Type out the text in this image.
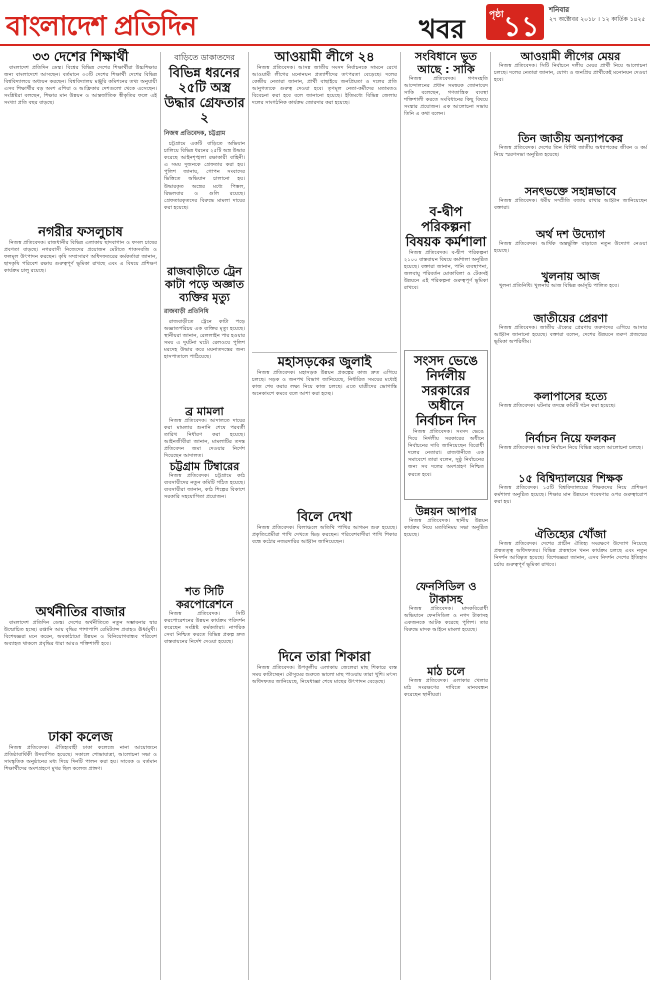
বাংলাদেশ প্রতিদিন	খবর	পৃষ্ঠা ১১ শনিবার
২৭ অক্টোবর ২০১৮ । ১২ কার্তিক ১৪২৫
৩৩ দেশের শিক্ষার্থী

বাংলাদেশ প্রতিদিন ডেস্ক। বিশ্বের বিভিন্ন দেশের শিক্ষার্থীরা উচ্চশিক্ষার জন্য বাংলাদেশে আসছেন। বর্তমানে ৩৩টি দেশের শিক্ষার্থী দেশের বিভিন্ন বিশ্ববিদ্যালয়ে অধ্যয়ন করছেন। বিশ্ববিদ্যালয় মঞ্জুরি কমিশনের তথ্য অনুযায়ী এসব শিক্ষার্থীর বড় অংশ এশিয়া ও আফ্রিকার দেশগুলো থেকে এসেছেন। সংশ্লিষ্টরা বলছেন, শিক্ষার মান উন্নয়ন ও আন্তর্জাতিক স্বীকৃতির ফলে এই সংখ্যা প্রতি বছর বাড়ছে।

নগরীর ফসলুচাষ

নিজস্ব প্রতিবেদক। রাজধানীর বিভিন্ন এলাকায় ছাদবাগান ও ফসল চাষের প্রবণতা বাড়ছে। নগরবাসী নিজেদের প্রয়োজন মেটাতে শাকসবজি ও ফলমূল উৎপাদন করছেন। কৃষি সম্প্রসারণ অধিদফতরের কর্মকর্তারা জানান, ছাদকৃষি পরিবেশ রক্ষায় গুরুত্বপূর্ণ ভূমিকা রাখছে এবং এ বিষয়ে প্রশিক্ষণ কার্যক্রম চালু রয়েছে।

অর্থনীতির বাজার

বাংলাদেশ প্রতিদিন ডেস্ক। দেশের অর্থনীতিতে নতুন সম্ভাবনার দ্বার উন্মোচিত হচ্ছে। রপ্তানি আয় বৃদ্ধির পাশাপাশি রেমিট্যান্স প্রবাহও ঊর্ধ্বমুখী। বিশেষজ্ঞরা মনে করেন, অবকাঠামো উন্নয়ন ও বিনিয়োগবান্ধব পরিবেশ অব্যাহত থাকলে প্রবৃদ্ধির ধারা আরও শক্তিশালী হবে।

ঢাকা কলেজ

নিজস্ব প্রতিবেদক। ঐতিহ্যবাহী ঢাকা কলেজে নানা আয়োজনে প্রতিষ্ঠাবার্ষিকী উদযাপিত হয়েছে। সকালে শোভাযাত্রা, আলোচনা সভা ও সাংস্কৃতিক অনুষ্ঠানের মধ্য দিয়ে দিনটি পালন করা হয়। সাবেক ও বর্তমান শিক্ষার্থীদের অংশগ্রহণে মুখর ছিল কলেজ প্রাঙ্গণ।

বাড়িতে ডাকাতদের
বিভিন্ন ধরনের ২৫টি অস্ত্র উদ্ধার গ্রেফতার ২
নিজস্ব প্রতিবেদক, চট্টগ্রাম

চট্টগ্রামে একটি বাড়িতে অভিযান চালিয়ে বিভিন্ন ধরনের ২৫টি অস্ত্র উদ্ধার করেছে আইনশৃঙ্খলা রক্ষাকারী বাহিনী। এ সময় দুজনকে গ্রেফতার করা হয়। পুলিশ জানায়, গোপন সংবাদের ভিত্তিতে অভিযান চালানো হয়। উদ্ধারকৃত অস্ত্রের মধ্যে পিস্তল, রিভলবার ও গুলি রয়েছে। গ্রেফতারকৃতদের বিরুদ্ধে মামলা দায়ের করা হয়েছে।

রাজবাড়ীতে ট্রেন কাটা পড়ে অজ্ঞাত ব্যক্তির মৃত্যু
রাজবাড়ী প্রতিনিধি

রাজবাড়ীতে ট্রেনে কাটা পড়ে অজ্ঞাতপরিচয় এক ব্যক্তির মৃত্যু হয়েছে। স্থানীয়রা জানান, রেললাইন পার হওয়ার সময় এ দুর্ঘটনা ঘটে। রেলওয়ে পুলিশ মরদেহ উদ্ধার করে ময়নাতদন্তের জন্য হাসপাতালে পাঠিয়েছে।

ব্র মামলা

নিজস্ব প্রতিবেদক। আদালতে দায়ের করা মামলার শুনানি শেষে পরবর্তী তারিখ নির্ধারণ করা হয়েছে। আইনজীবীরা জানান, মামলাটির তদন্ত প্রতিবেদন জমা দেওয়ার নির্দেশ দিয়েছেন আদালত।

চট্টগ্রাম টিম্বারের

নিজস্ব প্রতিবেদক। চট্টগ্রামে কাঠ ব্যবসায়ীদের নতুন কমিটি গঠিত হয়েছে। ব্যবসায়ীরা জানান, কাঠ শিল্পের বিকাশে সরকারি সহযোগিতা প্রয়োজন।

শত সিটি করপোরেশনে

নিজস্ব প্রতিবেদক। সিটি করপোরেশনের উন্নয়ন কার্যক্রম পরিদর্শন করেছেন সংশ্লিষ্ট কর্মকর্তারা। নাগরিক সেবা নিশ্চিত করতে বিভিন্ন প্রকল্প দ্রুত বাস্তবায়নের নির্দেশ দেওয়া হয়েছে।

আওয়ামী লীগে ২৪

নিজস্ব প্রতিবেদক। আসন্ন জাতীয় সংসদ নির্বাচনকে সামনে রেখে আওয়ামী লীগের মনোনয়ন প্রত্যাশীদের তৎপরতা বেড়েছে। দলের কেন্দ্রীয় নেতারা জানান, প্রার্থী বাছাইয়ে জনপ্রিয়তা ও দলের প্রতি আনুগত্যকে গুরুত্ব দেওয়া হবে। তৃণমূল নেতা-কর্মীদের মতামতও বিবেচনা করা হবে বলে জানানো হয়েছে। ইতিমধ্যে বিভিন্ন জেলায় দলের সাংগঠনিক কার্যক্রম জোরদার করা হয়েছে।

মহাসড়কের জুলাই

নিজস্ব প্রতিবেদক। মহাসড়ক উন্নয়ন প্রকল্পের কাজ দ্রুত এগিয়ে চলছে। সড়ক ও জনপথ বিভাগ জানিয়েছে, নির্ধারিত সময়ের মধ্যেই কাজ শেষ করার লক্ষ্য নিয়ে কাজ চলছে। এতে যাত্রীদের ভোগান্তি অনেকাংশে কমবে বলে আশা করা হচ্ছে।

বিলে দেখা

নিজস্ব প্রতিবেদক। বিলাঞ্চলে অতিথি পাখির আগমন শুরু হয়েছে। প্রকৃতিপ্রেমীরা পাখি দেখতে ভিড় করছেন। পরিবেশবাদীরা পাখি শিকার বন্ধে কঠোর নজরদারির আহ্বান জানিয়েছেন।

দিনে তারা শিকারা

নিজস্ব প্রতিবেদক। উপকূলীয় এলাকায় জেলেরা মাছ শিকারে ব্যস্ত সময় কাটাচ্ছেন। মৌসুমের শুরুতে ভালো মাছ পাওয়ায় তারা খুশি। মৎস্য অধিদফতর জানিয়েছে, নিষেধাজ্ঞা শেষে মাছের উৎপাদন বেড়েছে।

সংবিধানে ভুত আছে : সাকি

নিজস্ব প্রতিবেদক। গণসংহতি আন্দোলনের প্রধান সমন্বয়ক জোনায়েদ সাকি বলেছেন, গণতান্ত্রিক ব্যবস্থা শক্তিশালী করতে সংবিধানের কিছু বিষয়ে সংস্কার প্রয়োজন। এক আলোচনা সভায় তিনি এ কথা বলেন।

ব-দ্বীপ পরিকল্পনা বিষয়ক কর্মশালা

নিজস্ব প্রতিবেদক। ব-দ্বীপ পরিকল্পনা ২১০০ বাস্তবায়ন বিষয়ে কর্মশালা অনুষ্ঠিত হয়েছে। বক্তারা জানান, পানি ব্যবস্থাপনা, জলবায়ু পরিবর্তন মোকাবিলা ও টেকসই উন্নয়নে এই পরিকল্পনা গুরুত্বপূর্ণ ভূমিকা রাখবে।

সংসদ ভেঙে নির্দলীয় সরকারের অধীনে নির্বাচন দিন

নিজস্ব প্রতিবেদক। সংসদ ভেঙে দিয়ে নির্দলীয় সরকারের অধীনে নির্বাচনের দাবি জানিয়েছেন বিরোধী দলের নেতারা। রাজধানীতে এক সমাবেশে তারা বলেন, সুষ্ঠু নির্বাচনের জন্য সব দলের অংশগ্রহণ নিশ্চিত করতে হবে।

উন্নয়ন আপার

নিজস্ব প্রতিবেদক। স্থানীয় উন্নয়ন কার্যক্রম নিয়ে মতবিনিময় সভা অনুষ্ঠিত হয়েছে।

ফেনসিডিল ও টাকাসহ

নিজস্ব প্রতিবেদক। মাদকবিরোধী অভিযানে ফেনসিডিল ও নগদ টাকাসহ একজনকে আটক করেছে পুলিশ। তার বিরুদ্ধে মাদক আইনে মামলা হয়েছে।

মাঠ চলে

নিজস্ব প্রতিবেদক। এলাকার খেলার মাঠ সংরক্ষণের দাবিতে মানববন্ধন করেছেন স্থানীয়রা।

আওয়ামী লীগের মেয়র

নিজস্ব প্রতিবেদক। সিটি নির্বাচনে দলীয় মেয়র প্রার্থী নিয়ে আলোচনা চলছে। দলের নেতারা জানান, যোগ্য ও জনপ্রিয় প্রার্থীকেই মনোনয়ন দেওয়া হবে।

তিন জাতীয় অন্যাপকের

নিজস্ব প্রতিবেদক। দেশের তিন বিশিষ্ট জাতীয় অধ্যাপকের জীবন ও কর্ম নিয়ে স্মরণসভা অনুষ্ঠিত হয়েছে।

সনৎভক্তে সহান্নভাবে

নিজস্ব প্রতিবেদক। ধর্মীয় সম্প্রীতি বজায় রাখার আহ্বান জানিয়েছেন বক্তারা।

অর্থ দশ উদ্যোগ

নিজস্ব প্রতিবেদক। আর্থিক অন্তর্ভুক্তি বাড়াতে নতুন উদ্যোগ নেওয়া হয়েছে।

খুলনায় আজ

খুলনা প্রতিনিধি। খুলনায় আজ বিভিন্ন কর্মসূচি পালিত হবে।

জাতীয়ের প্রেরণা

নিজস্ব প্রতিবেদক। জাতীয় ঐক্যের প্রেরণায় তরুণদের এগিয়ে আসার আহ্বান জানানো হয়েছে। বক্তারা বলেন, দেশের উন্নয়নে তরুণ প্রজন্মের ভূমিকা অপরিসীম।

কলাপাসের হত্যে

নিজস্ব প্রতিবেদক। ঘটনার তদন্তে কমিটি গঠন করা হয়েছে।

নির্বাচন নিয়ে ফলকন

নিজস্ব প্রতিবেদক। আসন্ন নির্বাচন নিয়ে বিভিন্ন মহলে আলোচনা চলছে।

১৫ বিশ্বিদ্যালয়ের শিক্ষক

নিজস্ব প্রতিবেদক। ১৫টি বিশ্ববিদ্যালয়ের শিক্ষকদের নিয়ে প্রশিক্ষণ কর্মশালা অনুষ্ঠিত হয়েছে। শিক্ষার মান উন্নয়নে গবেষণার ওপর গুরুত্বারোপ করা হয়।

ঐতিহ্যের খোঁজা

নিজস্ব প্রতিবেদক। দেশের প্রাচীন ঐতিহ্য সংরক্ষণে উদ্যোগ নিয়েছে প্রত্নতত্ত্ব অধিদফতর। বিভিন্ন প্রত্নস্থানে খনন কার্যক্রম চলছে এবং নতুন নিদর্শন আবিষ্কৃত হয়েছে। বিশেষজ্ঞরা জানান, এসব নিদর্শন দেশের ইতিহাস চর্চায় গুরুত্বপূর্ণ ভূমিকা রাখবে।
